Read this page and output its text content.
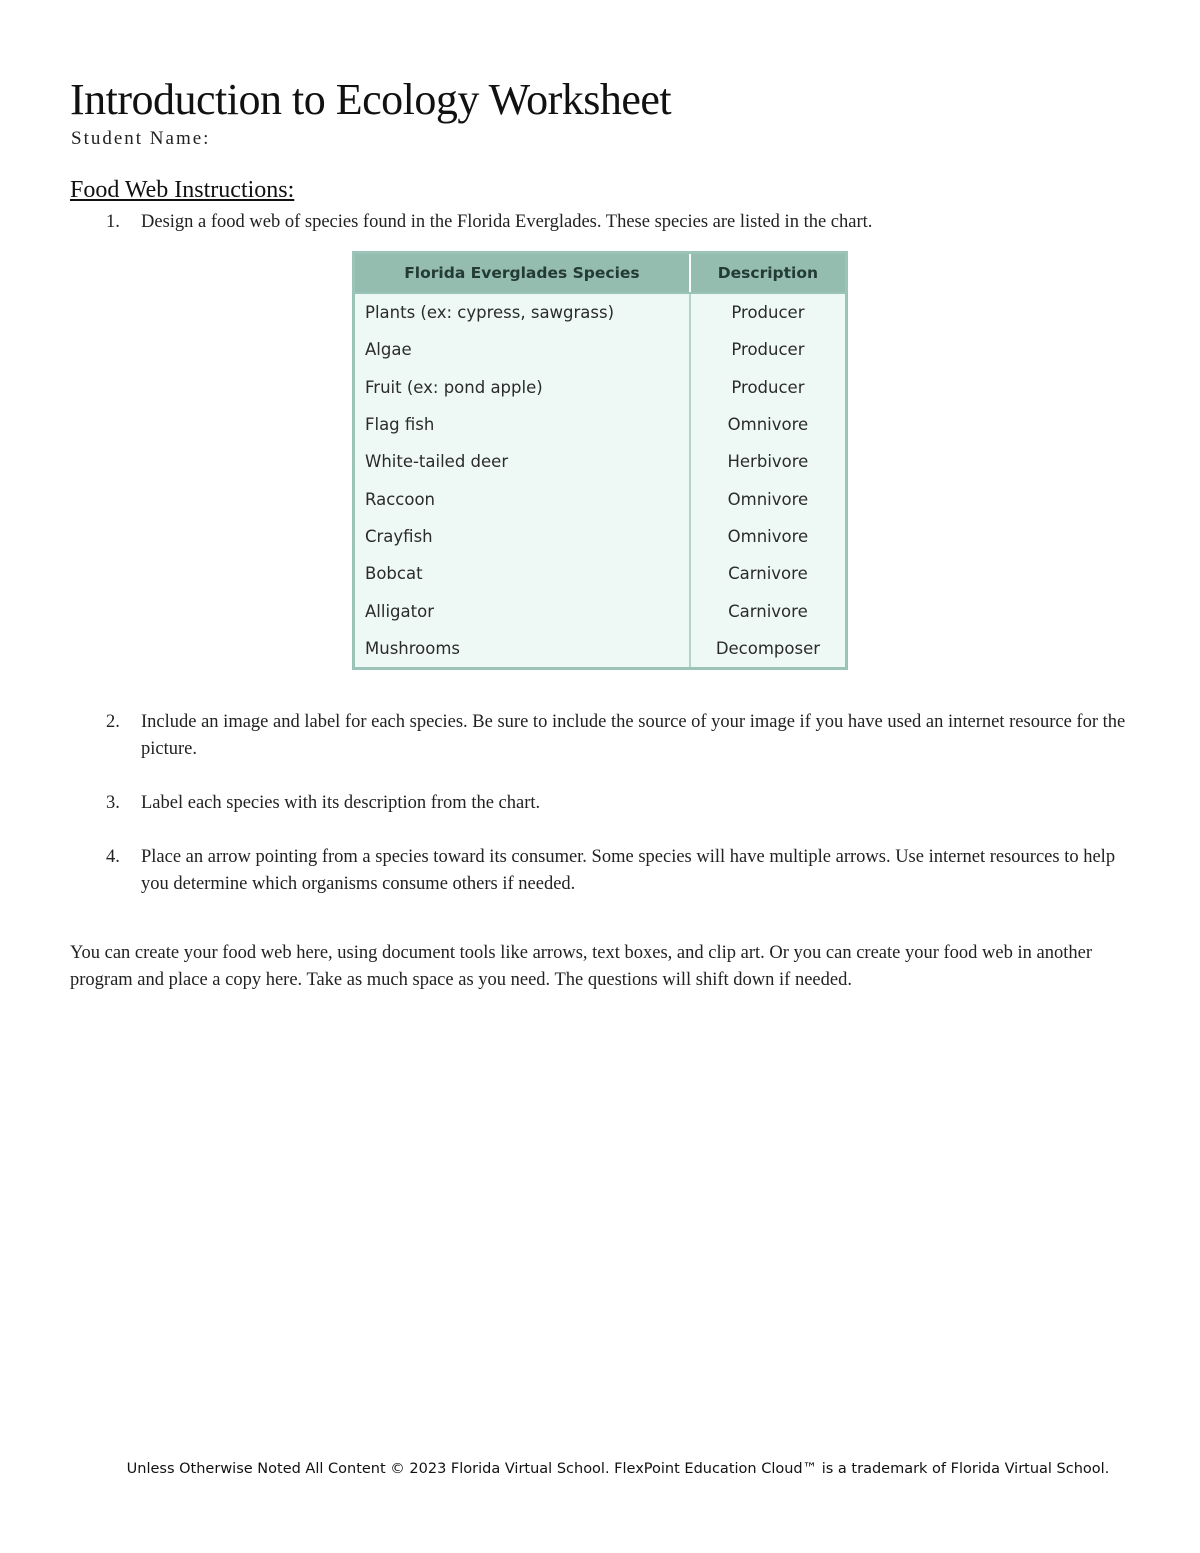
Introduction to Ecology Worksheet
Student Name:
Food Web Instructions:
1.	Design a food web of species found in the Florida Everglades. These species are listed in the chart.
Florida Everglades Species	Description
Plants (ex: cypress, sawgrass)	Producer
Algae	Producer
Fruit (ex: pond apple)	Producer
Flag fish	Omnivore
White-tailed deer	Herbivore
Raccoon	Omnivore
Crayfish	Omnivore
Bobcat	Carnivore
Alligator	Carnivore
Mushrooms	Decomposer
2.	Include an image and label for each species. Be sure to include the source of your image if you have used an internet resource for the picture.
3.	Label each species with its description from the chart.
4.	Place an arrow pointing from a species toward its consumer. Some species will have multiple arrows. Use internet resources to help you determine which organisms consume others if needed.
You can create your food web here, using document tools like arrows, text boxes, and clip art. Or you can create your food web in another program and place a copy here. Take as much space as you need. The questions will shift down if needed.
Unless Otherwise Noted All Content © 2023 Florida Virtual School. FlexPoint Education Cloud™ is a trademark of Florida Virtual School.
